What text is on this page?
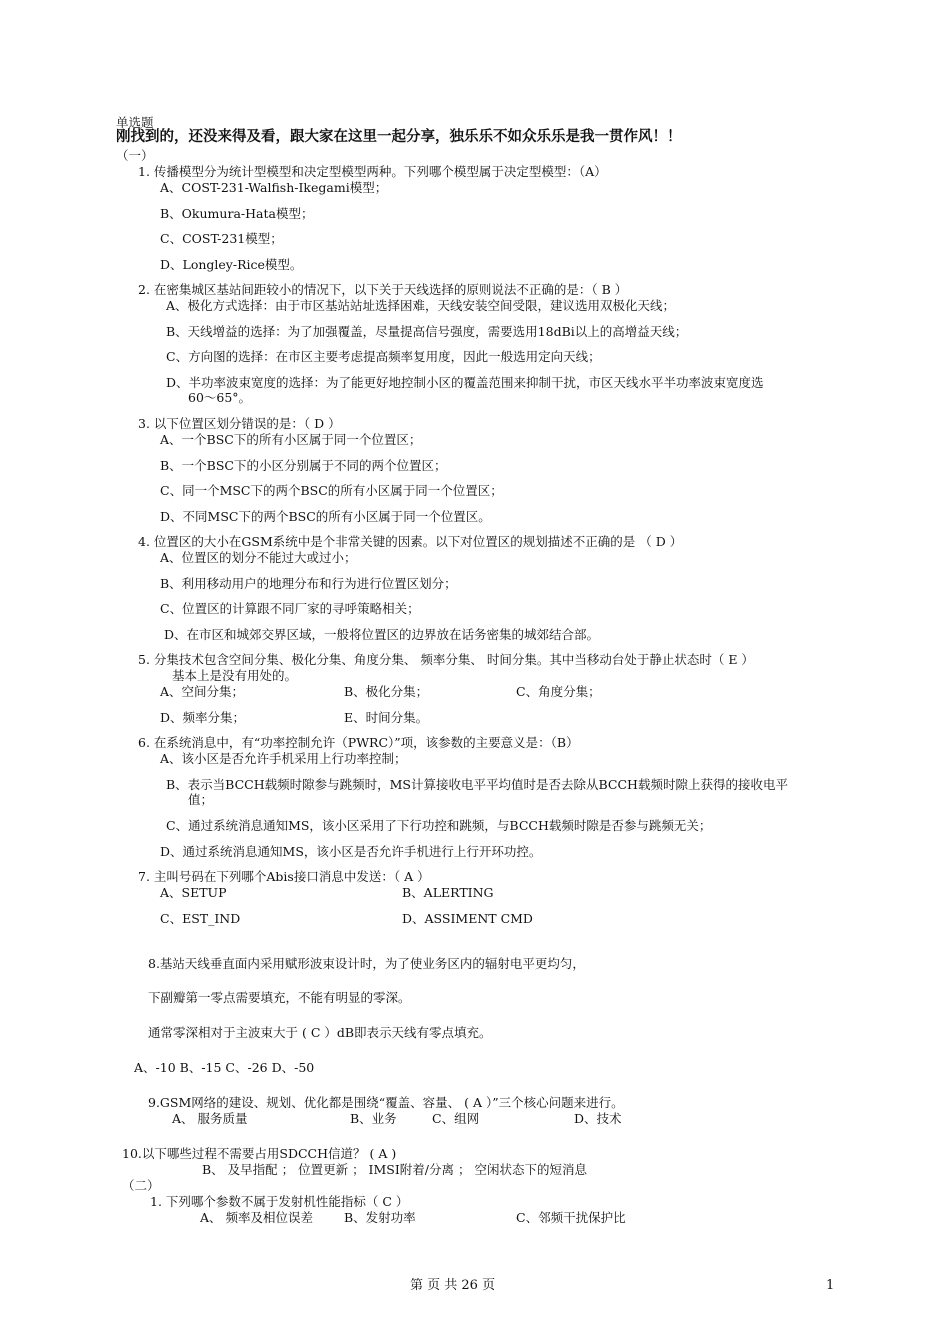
单选题
刚找到的，还没来得及看，跟大家在这里一起分享，独乐乐不如众乐乐是我一贯作风！！
（一）
1. 传播模型分为统计型模型和决定型模型两种。下列哪个模型属于决定型模型：（A）
A、COST-231-Walfish-Ikegami模型；
B、Okumura-Hata模型；
C、COST-231模型；
D、Longley-Rice模型。
2. 在密集城区基站间距较小的情况下，以下关于天线选择的原则说法不正确的是：（ B ）
A、极化方式选择：由于市区基站站址选择困难，天线安装空间受限，建议选用双极化天线；
B、天线增益的选择：为了加强覆盖，尽量提高信号强度，需要选用18dBi以上的高增益天线；
C、方向图的选择：在市区主要考虑提高频率复用度，因此一般选用定向天线；
D、半功率波束宽度的选择：为了能更好地控制小区的覆盖范围来抑制干扰，市区天线水平半功率波束宽度选
60～65°。
3. 以下位置区划分错误的是：（ D ）
A、一个BSC下的所有小区属于同一个位置区；
B、一个BSC下的小区分别属于不同的两个位置区；
C、同一个MSC下的两个BSC的所有小区属于同一个位置区；
D、不同MSC下的两个BSC的所有小区属于同一个位置区。
4. 位置区的大小在GSM系统中是个非常关键的因素。以下对位置区的规划描述不正确的是 （ D ）
A、位置区的划分不能过大或过小；
B、利用移动用户的地理分布和行为进行位置区划分；
C、位置区的计算跟不同厂家的寻呼策略相关；
D、在市区和城郊交界区域，一般将位置区的边界放在话务密集的城郊结合部。
5. 分集技术包含空间分集、极化分集、角度分集、 频率分集、 时间分集。其中当移动台处于静止状态时（ E ）
基本上是没有用处的。
A、空间分集；	B、极化分集；	C、角度分集；
D、频率分集；	E、时间分集。
6. 在系统消息中，有“功率控制允许（PWRC）”项，该参数的主要意义是：（B）
A、该小区是否允许手机采用上行功率控制；
B、表示当BCCH载频时隙参与跳频时，MS计算接收电平平均值时是否去除从BCCH载频时隙上获得的接收电平
值；
C、通过系统消息通知MS，该小区采用了下行功控和跳频，与BCCH载频时隙是否参与跳频无关；
D、通过系统消息通知MS，该小区是否允许手机进行上行开环功控。
7. 主叫号码在下列哪个Abis接口消息中发送：（ A ）
A、SETUP	B、ALERTING
C、EST_IND	D、ASSIMENT CMD
8.基站天线垂直面内采用赋形波束设计时，为了使业务区内的辐射电平更均匀，
下副瓣第一零点需要填充，不能有明显的零深。
通常零深相对于主波束大于 ( C ）dB即表示天线有零点填充。
A、-10 B、-15 C、-26 D、-50
9.GSM网络的建设、规划、优化都是围绕“覆盖、容量、 ( A ）”三个核心问题来进行。
A、 服务质量	B、业务	C、组网	D、技术
10.以下哪些过程不需要占用SDCCH信道？ ( A )
B、 及早指配 ； 位置更新 ； IMSI附着/分离 ； 空闲状态下的短消息
（二）
1. 下列哪个参数不属于发射机性能指标（ C ）
A、 频率及相位误差 B、发射功率	C、邻频干扰保护比
第 页 共 26 页	1
